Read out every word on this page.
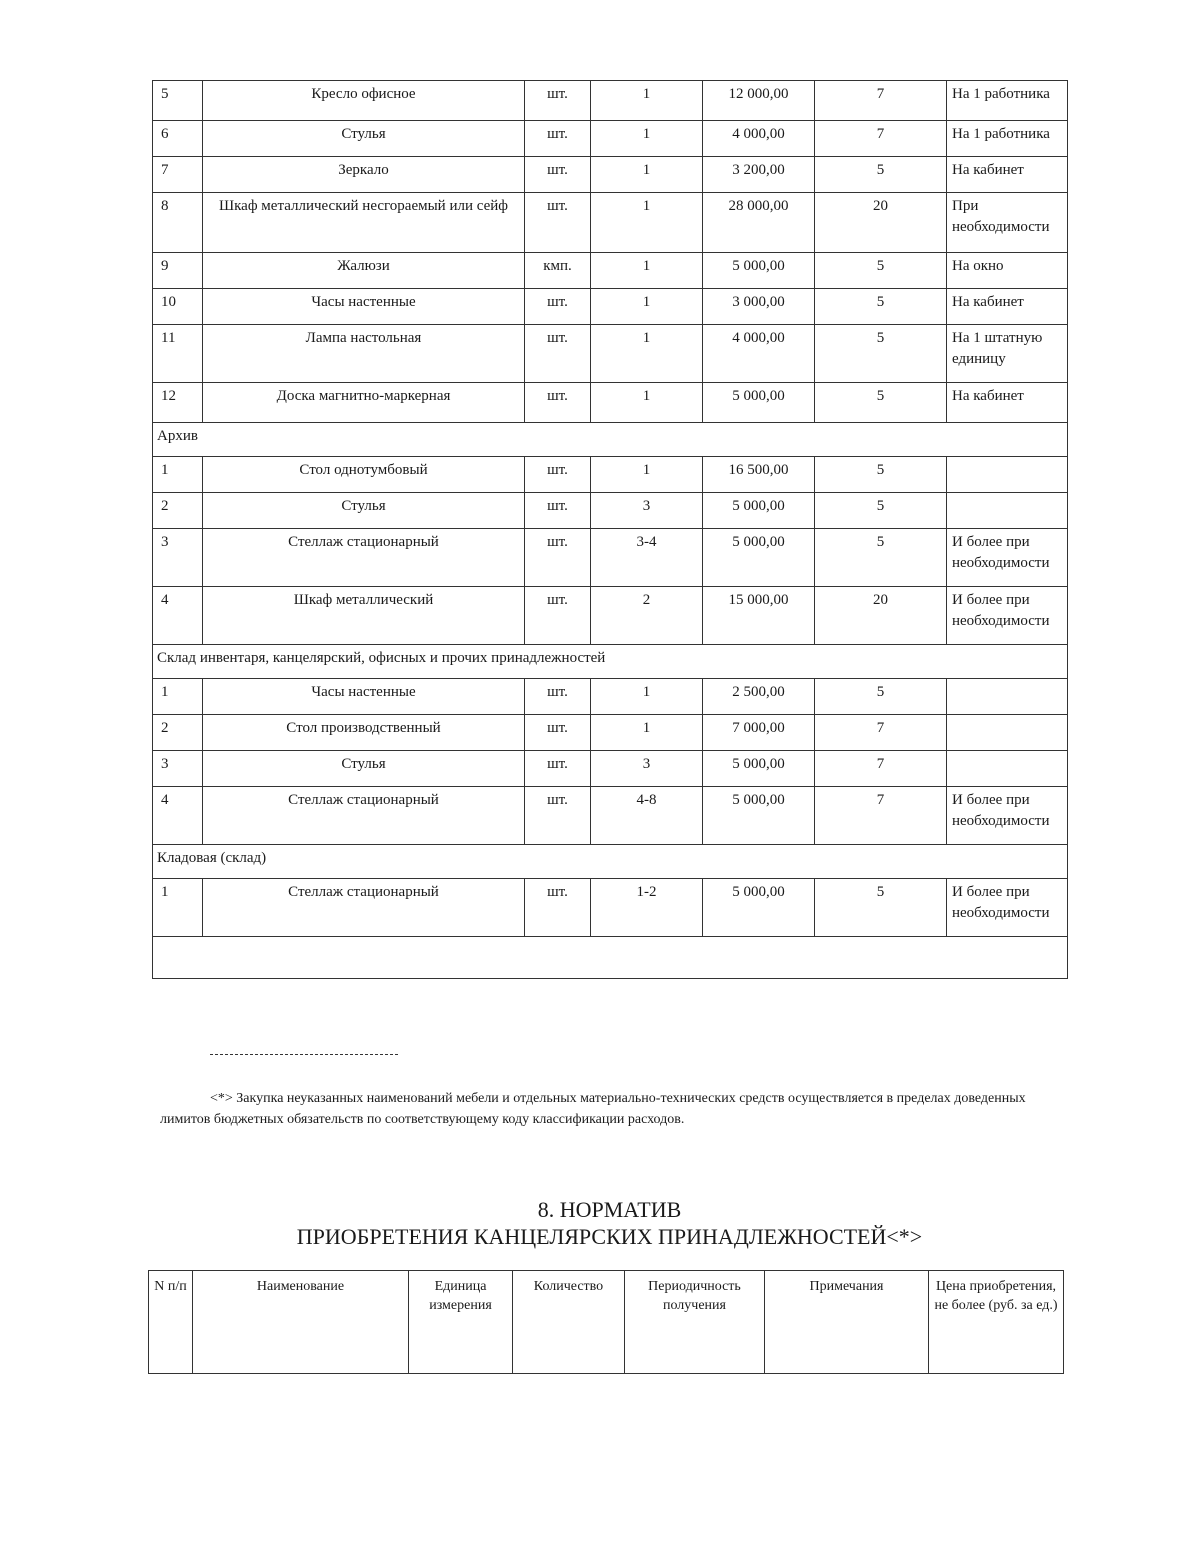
5	Кресло офисное	шт.	1	12 000,00	7	На 1 работника
6	Стулья	шт.	1	4 000,00	7	На 1 работника
7	Зеркало	шт.	1	3 200,00	5	На кабинет
8	Шкаф металлический несгораемый или сейф	шт.	1	28 000,00	20	При необходимости
9	Жалюзи	кмп.	1	5 000,00	5	На окно
10	Часы настенные	шт.	1	3 000,00	5	На кабинет
11	Лампа настольная	шт.	1	4 000,00	5	На 1 штатную единицу
12	Доска магнитно-маркерная	шт.	1	5 000,00	5	На кабинет
Архив						
1	Стол однотумбовый	шт.	1	16 500,00	5	
2	Стулья	шт.	3	5 000,00	5	
3	Стеллаж стационарный	шт.	3-4	5 000,00	5	И более при необходимости
4	Шкаф металлический	шт.	2	15 000,00	20	И более при необходимости
Склад инвентаря, канцелярский, офисных и прочих принадлежностей						
1	Часы настенные	шт.	1	2 500,00	5	
2	Стол производственный	шт.	1	7 000,00	7	
3	Стулья	шт.	3	5 000,00	7	
4	Стеллаж стационарный	шт.	4-8	5 000,00	7	И более при необходимости
Кладовая (склад)						
1	Стеллаж стационарный	шт.	1-2	5 000,00	5	И более при необходимости

<*> Закупка неуказанных наименований мебели и отдельных материально-технических средств осуществляется в пределах доведенных лимитов бюджетных обязательств по соответствующему коду классификации расходов.
8. НОРМАТИВ
ПРИОБРЕТЕНИЯ КАНЦЕЛЯРСКИХ ПРИНАДЛЕЖНОСТЕЙ<*>
N п/п	Наименование	Единица измерения	Количество	Периодичность получения	Примечания	Цена приобретения, не более (руб. за ед.)
